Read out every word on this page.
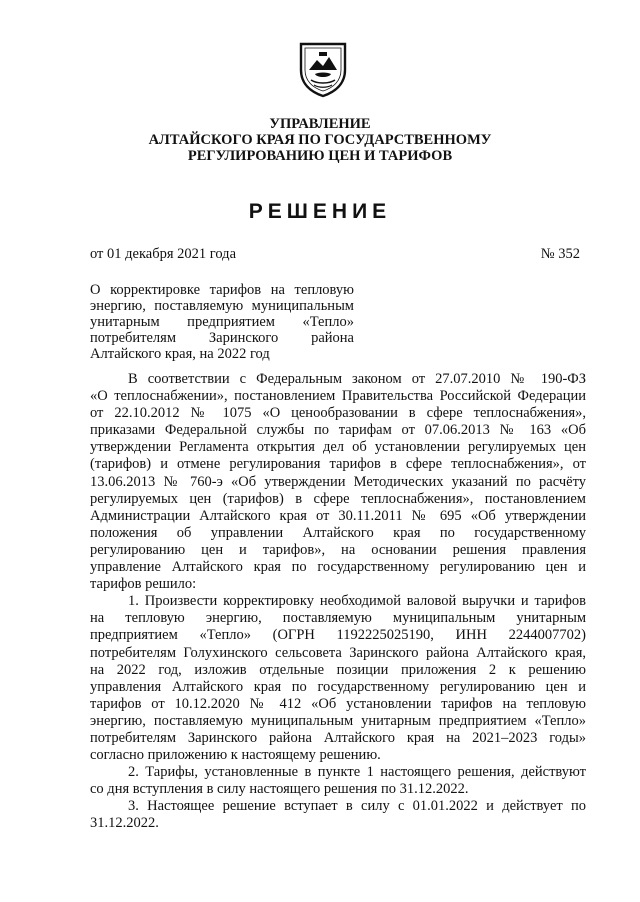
УПРАВЛЕНИЕ
АЛТАЙСКОГО КРАЯ ПО ГОСУДАРСТВЕННОМУ
РЕГУЛИРОВАНИЮ ЦЕН И ТАРИФОВ
РЕШЕНИЕ
от 01 декабря 2021 года	№ 352
О корректировке тарифов на тепловую
энергию, поставляемую муниципальным
унитарным предприятием «Тепло»
потребителям Заринского района
Алтайского края, на 2022 год
В соответствии с Федеральным законом от 27.07.2010 № 190-ФЗ
«О теплоснабжении», постановлением Правительства Российской Федерации
от 22.10.2012 № 1075 «О ценообразовании в сфере теплоснабжения»,
приказами Федеральной службы по тарифам от 07.06.2013 № 163 «Об
утверждении Регламента открытия дел об установлении регулируемых цен
(тарифов) и отмене регулирования тарифов в сфере теплоснабжения», от
13.06.2013 № 760-э «Об утверждении Методических указаний по расчёту
регулируемых цен (тарифов) в сфере теплоснабжения», постановлением
Администрации Алтайского края от 30.11.2011 № 695 «Об утверждении
положения об управлении Алтайского края по государственному
регулированию цен и тарифов», на основании решения правления
управление Алтайского края по государственному регулированию цен и
тарифов решило:
1. Произвести корректировку необходимой валовой выручки и тарифов
на тепловую энергию, поставляемую муниципальным унитарным
предприятием «Тепло» (ОГРН 1192225025190, ИНН 2244007702)
потребителям Голухинского сельсовета Заринского района Алтайского края,
на 2022 год, изложив отдельные позиции приложения 2 к решению
управления Алтайского края по государственному регулированию цен и
тарифов от 10.12.2020 № 412 «Об установлении тарифов на тепловую
энергию, поставляемую муниципальным унитарным предприятием «Тепло»
потребителям Заринского района Алтайского края на 2021–2023 годы»
согласно приложению к настоящему решению.
2. Тарифы, установленные в пункте 1 настоящего решения, действуют
со дня вступления в силу настоящего решения по 31.12.2022.
3. Настоящее решение вступает в силу с 01.01.2022 и действует по
31.12.2022.
